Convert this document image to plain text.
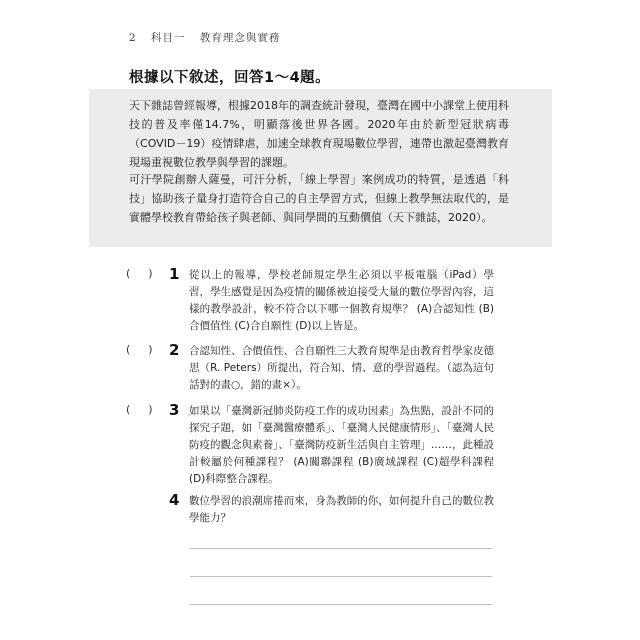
2 科目一 教育理念與實務
根據以下敘述，回答1～4題。

天下雜誌曾經報導，根據2018年的調查統計發現，臺灣在國中小課堂上使用科技的普及率僅14.7%，明顯落後世界各國。2020年由於新型冠狀病毒（COVID－19）疫情肆虐，加速全球教育現場數位學習，連帶也激起臺灣教育現場重視數位教學與學習的課題。

可汗學院創辦人薩曼，可汗分析，「線上學習」案例成功的特質，是透過「科技」協助孩子量身打造符合自己的自主學習方式，但線上教學無法取代的，是實體學校教育帶給孩子與老師、與同學間的互動價值（天下雜誌，2020）。

( ) 1 從以上的報導，學校老師規定學生必須以平板電腦（iPad）學習，學生感覺是因為疫情的關係被迫接受大量的數位學習內容，這樣的教學設計，較不符合以下哪一個教育規準？ (A)合認知性 (B)合價值性 (C)合自願性 (D)以上皆是。

( ) 2 合認知性、合價值性、合自願性三大教育規準是由教育哲學家皮德思（R. Peters）所提出，符合知、情、意的學習過程。（認為這句話對的畫○，錯的畫×）。

( ) 3 如果以「臺灣新冠肺炎防疫工作的成功因素」為焦點，設計不同的探究子題，如「臺灣醫療體系」、「臺灣人民健康情形」、「臺灣人民防疫的觀念與素養」、「臺灣防疫新生活與自主管理」……，此種設計較屬於何種課程？ (A)關聯課程 (B)廣域課程 (C)超學科課程 (D)科際整合課程。

4 數位學習的浪潮席捲而來，身為教師的你，如何提升自己的數位教學能力？
